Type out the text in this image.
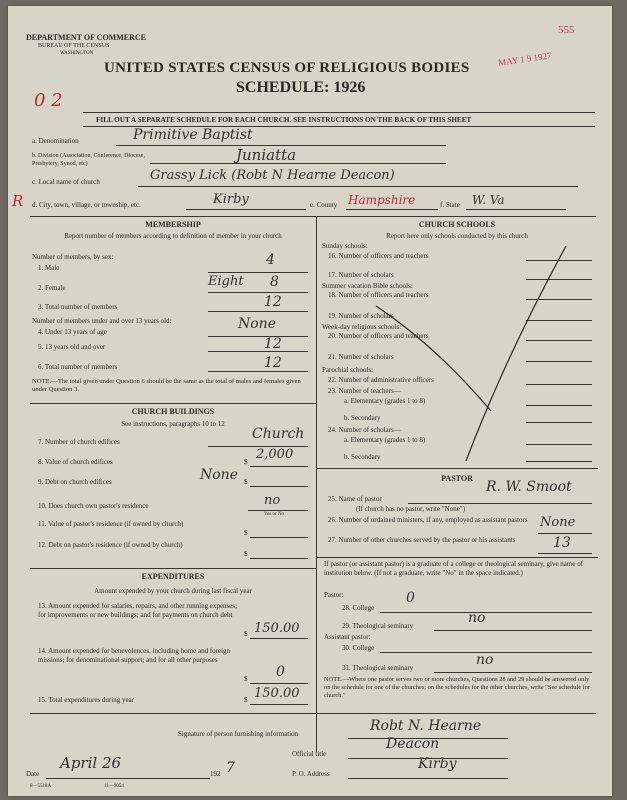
DEPARTMENT OF COMMERCE
BUREAU OF THE CENSUS
WASHINGTON
555
MAY 1 9 1927
UNITED STATES CENSUS OF RELIGIOUS BODIES
SCHEDULE: 1926
0 2
FILL OUT A SEPARATE SCHEDULE FOR EACH CHURCH. SEE INSTRUCTIONS ON THE BACK OF THIS SHEET
a. Denomination	Primitive Baptist
b. Division (Association, Conference, Diocese, Presbytery, Synod, etc)	Juniatta
c. Local name of church	Grassy Lick (Robt N Hearne Deacon)
R d. City, town, village, or township, etc.	Kirby	e. County Hampshire	f. State W. Va
MEMBERSHIP
Report number of members according to definition of member in your church
Number of members, by sex:
1. Male	4
2. Female	Eight 8
3. Total number of members	12
Number of members under and over 13 years old:
4. Under 13 years of age	None
5. 13 years old and over	12
6. Total number of members	12
NOTE.—The total given under Question 6 should be the same as the total of males and females given under Question 3.
CHURCH BUILDINGS
See instructions, paragraphs 10 to 12
7. Number of church edifices	Church
8. Value of church edifices	$ 2,000
9. Debt on church edifices	$
None
10. Does church own pastor's residence	no
Yes or No
11. Value of pastor's residence (if owned by church)
$
12. Debt on pastor's residence (if owned by church)
$
EXPENDITURES
Amount expended by your church during last fiscal year
13. Amount expended for salaries, repairs, and other running expenses; for improvements or new buildings; and for payments on church debt
$ 150.00
14. Amount expended for benevolences, including home and foreign missions; for denominational support; and for all other purposes
$ 0
15. Total expenditures during year	$ 150.00
CHURCH SCHOOLS
Report here only schools conducted by this church
Sunday schools:
16. Number of officers and teachers
17. Number of scholars
Summer vacation Bible schools:
18. Number of officers and teachers
19. Number of scholars
Week-day religious schools:
20. Number of officers and teachers
21. Number of scholars
Parochial schools:
22. Number of administrative officers
23. Number of teachers—
a. Elementary (grades 1 to 8)
b. Secondary
24. Number of scholars—
a. Elementary (grades 1 to 8)
b. Secondary
PASTOR
25. Name of pastor
(If church has no pastor, write "None")
R. W. Smoot
26. Number of ordained ministers, if any, employed as assistant pastors None
27. Number of other churches served by the pastor or his assistants	13
If pastor (or assistant pastor) is a graduate of a college or theological seminary, give name of institution below. (If not a graduate, write "No" in the space indicated.)
Pastor:
28. College
0
29. Theological seminary	no
Assistant pastor:
30. College
31. Theological seminary	no
NOTE.—Where one pastor serves two or more churches, Questions 28 and 29 should be answered only on the schedule for one of the churches; on the schedules for the other churches, write "See schedule for church."
Signature of person furnishing information	Robt N. Hearne
Official title
Deacon
Date
April 26
192 7	P. O. Address
Kirby
8—5518A	11—9054
